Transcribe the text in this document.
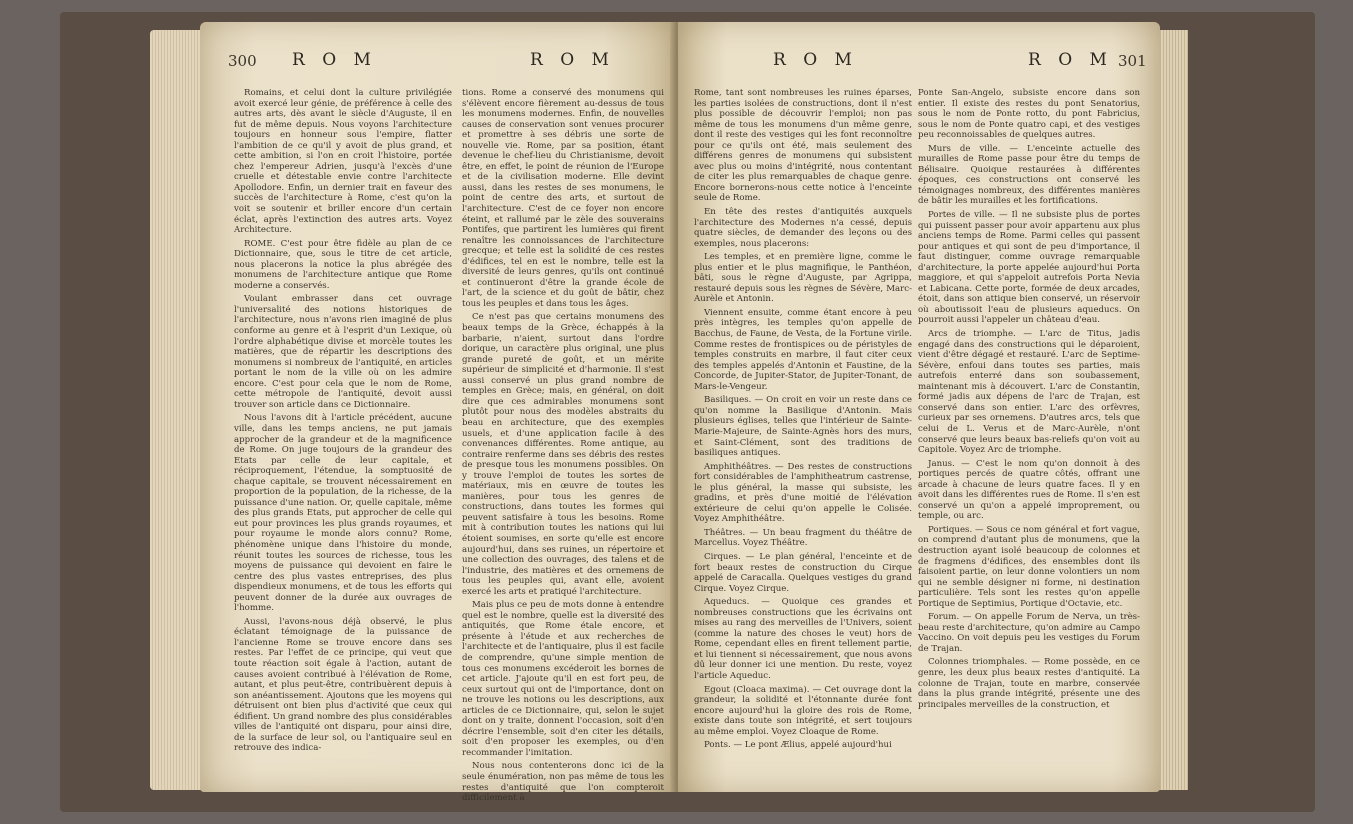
300 R O M	R O M

Romains, et celui dont la culture privilégiée avoit exercé leur génie, de préférence à celle des autres arts, dès avant le siècle d'Auguste, il en fut de même depuis. Nous voyons l'architecture toujours en honneur sous l'empire, flatter l'ambition de ce qu'il y avoit de plus grand, et cette ambition, si l'on en croit l'histoire, portée chez l'empereur Adrien, jusqu'à l'excès d'une cruelle et détestable envie contre l'architecte Apollodore. Enfin, un dernier trait en faveur des succès de l'architecture à Rome, c'est qu'on la voit se soutenir et briller encore d'un certain éclat, après l'extinction des autres arts. Voyez Architecture.

ROME. C'est pour être fidèle au plan de ce Dictionnaire, que, sous le titre de cet article, nous placerons la notice la plus abrégée des monumens de l'architecture antique que Rome moderne a conservés.

Voulant embrasser dans cet ouvrage l'universalité des notions historiques de l'architecture, nous n'avons rien imaginé de plus conforme au genre et à l'esprit d'un Lexique, où l'ordre alphabétique divise et morcèle toutes les matières, que de répartir les descriptions des monumens si nombreux de l'antiquité, en articles portant le nom de la ville où on les admire encore. C'est pour cela que le nom de Rome, cette métropole de l'antiquité, devoit aussi trouver son article dans ce Dictionnaire.

Nous l'avons dit à l'article précédent, aucune ville, dans les temps anciens, ne put jamais approcher de la grandeur et de la magnificence de Rome. On juge toujours de la grandeur des Etats par celle de leur capitale, et réciproquement, l'étendue, la somptuosité de chaque capitale, se trouvent nécessairement en proportion de la population, de la richesse, de la puissance d'une nation. Or, quelle capitale, même des plus grands Etats, put approcher de celle qui eut pour provinces les plus grands royaumes, et pour royaume le monde alors connu? Rome, phénomène unique dans l'histoire du monde, réunit toutes les sources de richesse, tous les moyens de puissance qui devoient en faire le centre des plus vastes entreprises, des plus dispendieux monumens, et de tous les efforts qui peuvent donner de la durée aux ouvrages de l'homme.

Aussi, l'avons-nous déjà observé, le plus éclatant témoignage de la puissance de l'ancienne Rome se trouve encore dans ses restes. Par l'effet de ce principe, qui veut que toute réaction soit égale à l'action, autant de causes avoient contribué à l'élévation de Rome, autant, et plus peut-être, contribuèrent depuis à son anéantissement. Ajoutons que les moyens qui détruisent ont bien plus d'activité que ceux qui édifient. Un grand nombre des plus considérables villes de l'antiquité ont disparu, pour ainsi dire, de la surface de leur sol, ou l'antiquaire seul en retrouve des indica-

tions. Rome a conservé des monumens qui s'élèvent encore fièrement au-dessus de tous les monumens modernes. Enfin, de nouvelles causes de conservation sont venues procurer et promettre à ses débris une sorte de nouvelle vie. Rome, par sa position, étant devenue le chef-lieu du Christianisme, devoit être, en effet, le point de réunion de l'Europe et de la civilisation moderne. Elle devint aussi, dans les restes de ses monumens, le point de centre des arts, et surtout de l'architecture. C'est de ce foyer non encore éteint, et rallumé par le zèle des souverains Pontifes, que partirent les lumières qui firent renaître les connoissances de l'architecture grecque; et telle est la solidité de ces restes d'édifices, tel en est le nombre, telle est la diversité de leurs genres, qu'ils ont continué et continueront d'être la grande école de l'art, de la science et du goût de bâtir, chez tous les peuples et dans tous les âges.

Ce n'est pas que certains monumens des beaux temps de la Grèce, échappés à la barbarie, n'aient, surtout dans l'ordre dorique, un caractère plus original, une plus grande pureté de goût, et un mérite supérieur de simplicité et d'harmonie. Il s'est aussi conservé un plus grand nombre de temples en Grèce; mais, en général, on doit dire que ces admirables monumens sont plutôt pour nous des modèles abstraits du beau en architecture, que des exemples usuels, et d'une application facile à des convenances différentes. Rome antique, au contraire renferme dans ses débris des restes de presque tous les monumens possibles. On y trouve l'emploi de toutes les sortes de matériaux, mis en œuvre de toutes les manières, pour tous les genres de constructions, dans toutes les formes qui peuvent satisfaire à tous les besoins. Rome mit à contribution toutes les nations qui lui étoient soumises, en sorte qu'elle est encore aujourd'hui, dans ses ruines, un répertoire et une collection des ouvrages, des talens et de l'industrie, des matières et des ornemens de tous les peuples qui, avant elle, avoient exercé les arts et pratiqué l'architecture.

Mais plus ce peu de mots donne à entendre quel est le nombre, quelle est la diversité des antiquités, que Rome étale encore, et présente à l'étude et aux recherches de l'architecte et de l'antiquaire, plus il est facile de comprendre, qu'une simple mention de tous ces monumens excéderoit les bornes de cet article. J'ajoute qu'il en est fort peu, de ceux surtout qui ont de l'importance, dont on ne trouve les notions ou les descriptions, aux articles de ce Dictionnaire, qui, selon le sujet dont on y traite, donnent l'occasion, soit d'en décrire l'ensemble, soit d'en citer les détails, soit d'en proposer les exemples, ou d'en recommander l'imitation.

Nous nous contenterons donc ici de la seule énumération, non pas même de tous les restes d'antiquité que l'on compteroit difficilement à

R O M	R O M 301

Rome, tant sont nombreuses les ruines éparses, les parties isolées de constructions, dont il n'est plus possible de découvrir l'emploi; non pas même de tous les monumens d'un même genre, dont il reste des vestiges qui les font reconnoître pour ce qu'ils ont été, mais seulement des différens genres de monumens qui subsistent avec plus ou moins d'intégrité, nous contentant de citer les plus remarquables de chaque genre. Encore bornerons-nous cette notice à l'enceinte seule de Rome.

En tête des restes d'antiquités auxquels l'architecture des Modernes n'a cessé, depuis quatre siècles, de demander des leçons ou des exemples, nous placerons:

Les temples, et en première ligne, comme le plus entier et le plus magnifique, le Panthéon, bâti, sous le règne d'Auguste, par Agrippa, restauré depuis sous les règnes de Sévère, Marc-Aurèle et Antonin.

Viennent ensuite, comme étant encore à peu près intègres, les temples qu'on appelle de Bacchus, de Faune, de Vesta, de la Fortune virile. Comme restes de frontispices ou de péristyles de temples construits en marbre, il faut citer ceux des temples appelés d'Antonin et Faustine, de la Concorde, de Jupiter-Stator, de Jupiter-Tonant, de Mars-le-Vengeur.

Basiliques. — On croit en voir un reste dans ce qu'on nomme la Basilique d'Antonin. Mais plusieurs églises, telles que l'intérieur de Sainte-Marie-Majeure, de Sainte-Agnès hors des murs, et Saint-Clément, sont des traditions de basiliques antiques.

Amphithéâtres. — Des restes de constructions fort considérables de l'amphitheatrum castrense, le plus général, la masse qui subsiste, les gradins, et près d'une moitié de l'élévation extérieure de celui qu'on appelle le Colisée. Voyez Amphithéâtre.

Théâtres. — Un beau fragment du théâtre de Marcellus. Voyez Théâtre.

Cirques. — Le plan général, l'enceinte et de fort beaux restes de construction du Cirque appelé de Caracalla. Quelques vestiges du grand Cirque. Voyez Cirque.

Aqueducs. — Quoique ces grandes et nombreuses constructions que les écrivains ont mises au rang des merveilles de l'Univers, soient (comme la nature des choses le veut) hors de Rome, cependant elles en firent tellement partie, et lui tiennent si nécessairement, que nous avons dû leur donner ici une mention. Du reste, voyez l'article Aqueduc.

Egout (Cloaca maxima). — Cet ouvrage dont la grandeur, la solidité et l'étonnante durée font encore aujourd'hui la gloire des rois de Rome, existe dans toute son intégrité, et sert toujours au même emploi. Voyez Cloaque de Rome.

Ponts. — Le pont Ælius, appelé aujourd'hui

Ponte San-Angelo, subsiste encore dans son entier. Il existe des restes du pont Senatorius, sous le nom de Ponte rotto, du pont Fabricius, sous le nom de Ponte quatro capi, et des vestiges peu reconnoissables de quelques autres.

Murs de ville. — L'enceinte actuelle des murailles de Rome passe pour être du temps de Bélisaire. Quoique restaurées à différentes époques, ces constructions ont conservé les témoignages nombreux, des différentes manières de bâtir les murailles et les fortifications.

Portes de ville. — Il ne subsiste plus de portes qui puissent passer pour avoir appartenu aux plus anciens temps de Rome. Parmi celles qui passent pour antiques et qui sont de peu d'importance, il faut distinguer, comme ouvrage remarquable d'architecture, la porte appelée aujourd'hui Porta maggiore, et qui s'appeloit autrefois Porta Nevia et Labicana. Cette porte, formée de deux arcades, étoit, dans son attique bien conservé, un réservoir où aboutissoit l'eau de plusieurs aqueducs. On pourroit aussi l'appeler un château d'eau.

Arcs de triomphe. — L'arc de Titus, jadis engagé dans des constructions qui le déparoient, vient d'être dégagé et restauré. L'arc de Septime-Sévère, enfoui dans toutes ses parties, mais autrefois enterré dans son soubassement, maintenant mis à découvert. L'arc de Constantin, formé jadis aux dépens de l'arc de Trajan, est conservé dans son entier. L'arc des orfèvres, curieux par ses ornemens. D'autres arcs, tels que celui de L. Verus et de Marc-Aurèle, n'ont conservé que leurs beaux bas-reliefs qu'on voit au Capitole. Voyez Arc de triomphe.

Janus. — C'est le nom qu'on donnoit à des portiques percés de quatre côtés, offrant une arcade à chacune de leurs quatre faces. Il y en avoit dans les différentes rues de Rome. Il s'en est conservé un qu'on a appelé improprement, ou temple, ou arc.

Portiques. — Sous ce nom général et fort vague, on comprend d'autant plus de monumens, que la destruction ayant isolé beaucoup de colonnes et de fragmens d'édifices, des ensembles dont ils faisoient partie, on leur donne volontiers un nom qui ne semble désigner ni forme, ni destination particulière. Tels sont les restes qu'on appelle Portique de Septimius, Portique d'Octavie, etc.

Forum. — On appelle Forum de Nerva, un très-beau reste d'architecture, qu'on admire au Campo Vaccino. On voit depuis peu les vestiges du Forum de Trajan.

Colonnes triomphales. — Rome possède, en ce genre, les deux plus beaux restes d'antiquité. La colonne de Trajan, toute en marbre, conservée dans la plus grande intégrité, présente une des principales merveilles de la construction, et
